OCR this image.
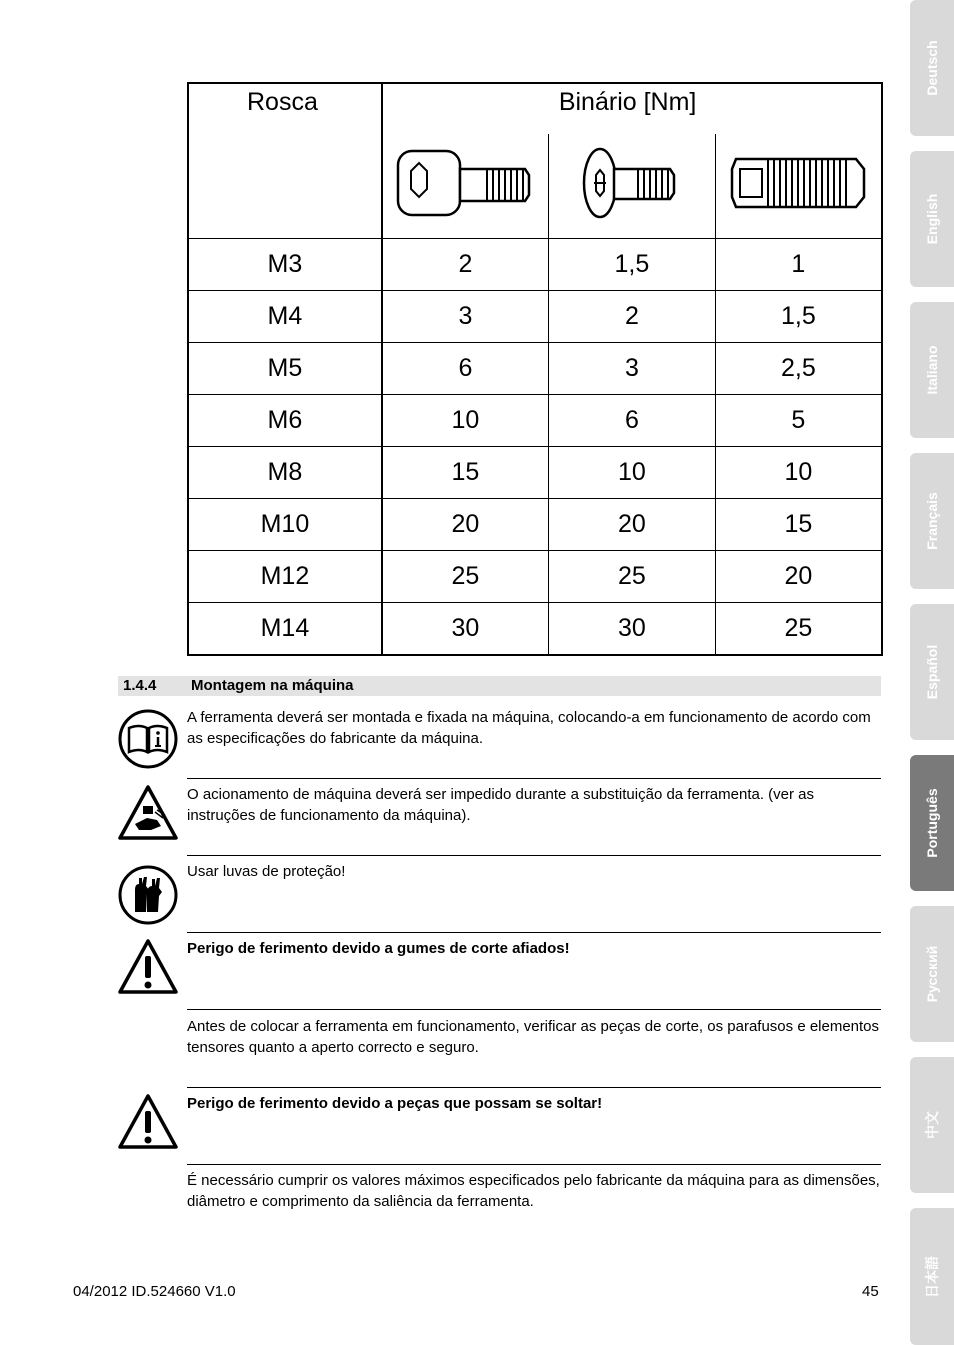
Deutsch
English
Italiano
Français
Español
Português
Русский
中文
日本語
Rosca	Binário [Nm]		

M3	2	1,5	1
M4	3	2	1,5
M5	6	3	2,5
M6	10	6	5
M8	15	10	10
M10	20	20	15
M12	25	25	20
M14	30	30	25
1.4.4 Montagem na máquina
A ferramenta deverá ser montada e fixada na máquina, colocando-a em funcionamento de acordo com as especificações do fabricante da máquina.
O acionamento de máquina deverá ser impedido durante a substituição da ferramenta. (ver as instruções de funcionamento da máquina).
Usar luvas de proteção!
Perigo de ferimento devido a gumes de corte afiados!
Antes de colocar a ferramenta em funcionamento, verificar as peças de corte, os parafusos e elementos tensores quanto a aperto correcto e seguro.
Perigo de ferimento devido a peças que possam se soltar!
É necessário cumprir os valores máximos especificados pelo fabricante da máquina para as dimensões, diâmetro e comprimento da saliência da ferramenta.
04/2012 ID.524660 V1.0	45
